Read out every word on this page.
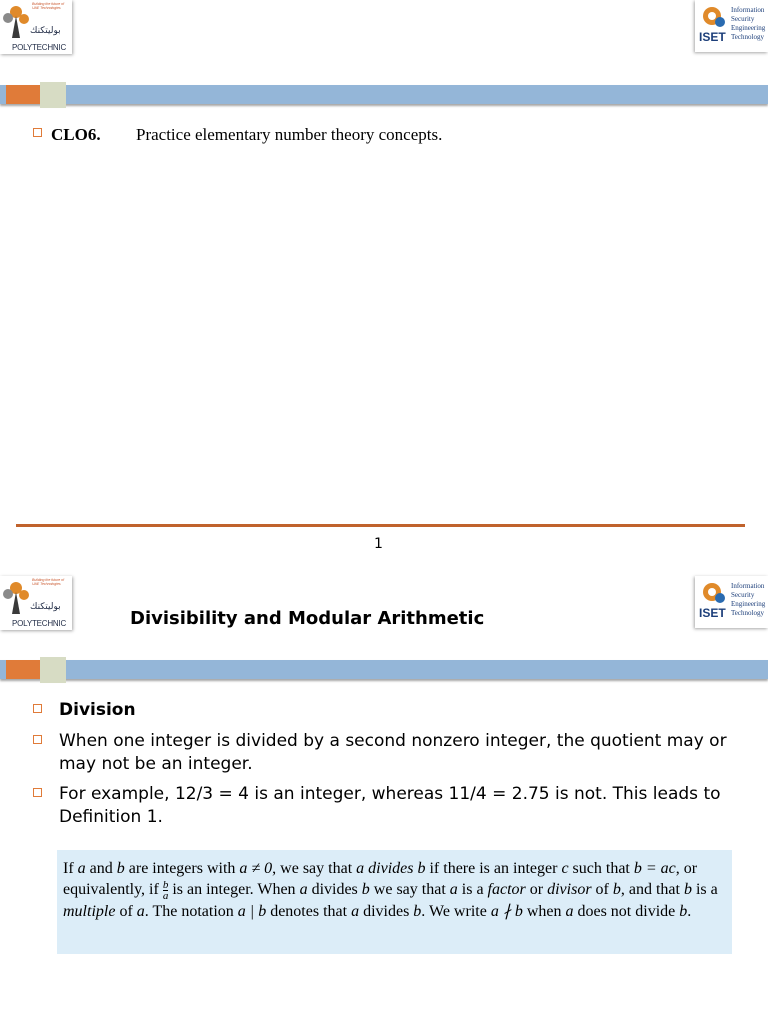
Building the future of UAE Technologies
بوليتكنك
POLYTECHNIC
ISET
Information
Security
Engineering
Technology
CLO6. Practice elementary number theory concepts.
1
Building the future of UAE Technologies
بوليتكنك
POLYTECHNIC	Divisibility and Modular Arithmetic	ISET
Information
Security
Engineering
Technology
Division
When one integer is divided by a second nonzero integer, the quotient may or may not be an integer.
For example, 12/3 = 4 is an integer, whereas 11/4 = 2.75 is not. This leads to Definition 1.
If a and b are integers with a ≠ 0, we say that a divides b if there is an integer c such that b = ac, or equivalently, if $\frac{b}{a}$ is an integer. When a divides b we say that a is a factor or divisor of b, and that b is a multiple of a. The notation a | b denotes that a divides b. We write a ∤ b when a does not divide b.
